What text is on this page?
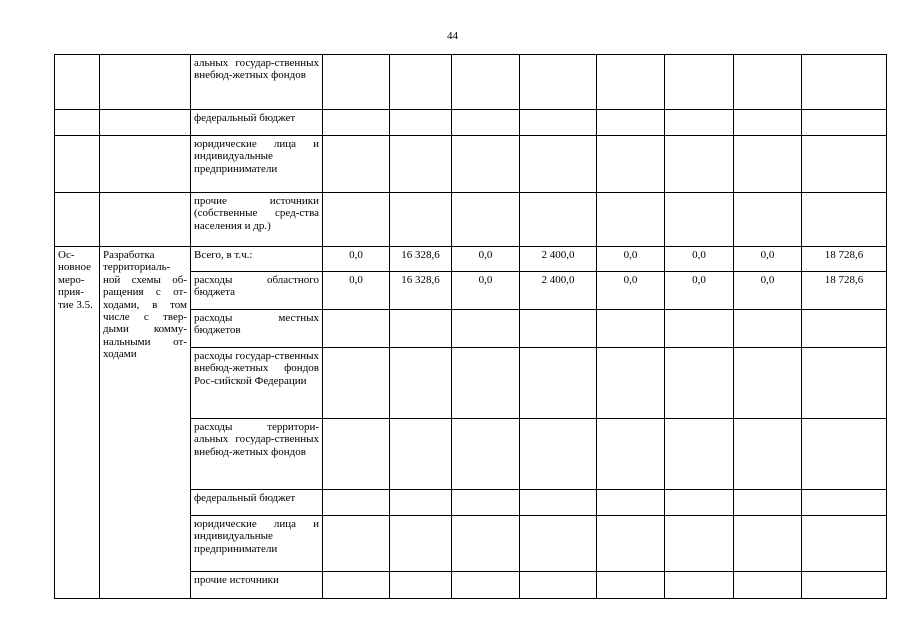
44
		альных государ-ственных внебюд-жетных фондов								
		федеральный бюджет								
		юридические лица и индивидуальные предприниматели								
		прочие источники (собственные сред-ства населения и др.)								
Ос-новное меро-прия-тие 3.5.	Разработка территориаль-ной схемы об-ращения с от-ходами, в том числе с твер-дыми комму-нальными от-ходами	Всего, в т.ч.:	0,0	16 328,6	0,0	2 400,0	0,0	0,0	0,0	18 728,6
		расходы областного бюджета	0,0	16 328,6	0,0	2 400,0	0,0	0,0	0,0	18 728,6
		расходы местных бюджетов								
		расходы государ-ственных внебюд-жетных фондов Рос-сийской Федерации								
		расходы территори-альных государ-ственных внебюд-жетных фондов								
		федеральный бюджет								
		юридические лица и индивидуальные предприниматели								
		прочие источники								
